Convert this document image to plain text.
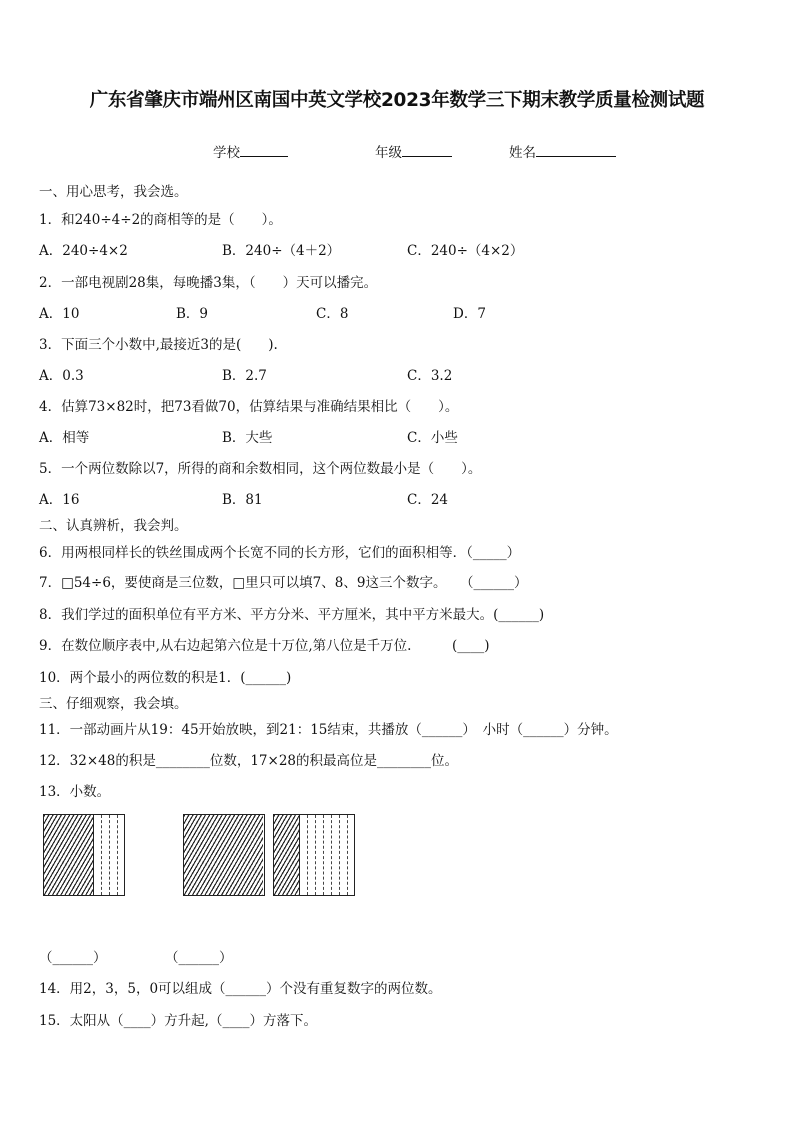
广东省肇庆市端州区南国中英文学校2023年数学三下期末教学质量检测试题
学校	年级	姓名
一、用心思考，我会选。
1．和240÷4÷2的商相等的是（　　）。
A．240÷4×2	B．240÷（4＋2）	C．240÷（4×2）
2．一部电视剧28集，每晚播3集，（　　）天可以播完。
A．10	B．9	C．8	D．7
3．下面三个小数中,最接近3的是(　　).
A．0.3	B．2.7	C．3.2
4．估算73×82时，把73看做70，估算结果与准确结果相比（　　）。
A．相等	B．大些	C．小些
5．一个两位数除以7，所得的商和余数相同，这个两位数最小是（　　）。
A．16	B．81	C．24
二、认真辨析，我会判。
6．用两根同样长的铁丝围成两个长宽不同的长方形，它们的面积相等．（_____）
7．□54÷6，要使商是三位数，□里只可以填7、8、9这三个数字。　　（______）
8．我们学过的面积单位有平方米、平方分米、平方厘米，其中平方米最大。(______)
9．在数位顺序表中,从右边起第六位是十万位,第八位是千万位.　　　(____)
10．两个最小的两位数的积是1．(______)
三、仔细观察，我会填。
11．一部动画片从19：45开始放映，到21：15结束，共播放（______）　小时（______）分钟。
12．32×48的积是________位数，17×28的积最高位是________位。
13．小数。
（______）	（______）
14．用2，3，5，0可以组成（______）个没有重复数字的两位数。
15．太阳从（____）方升起,（____）方落下。
